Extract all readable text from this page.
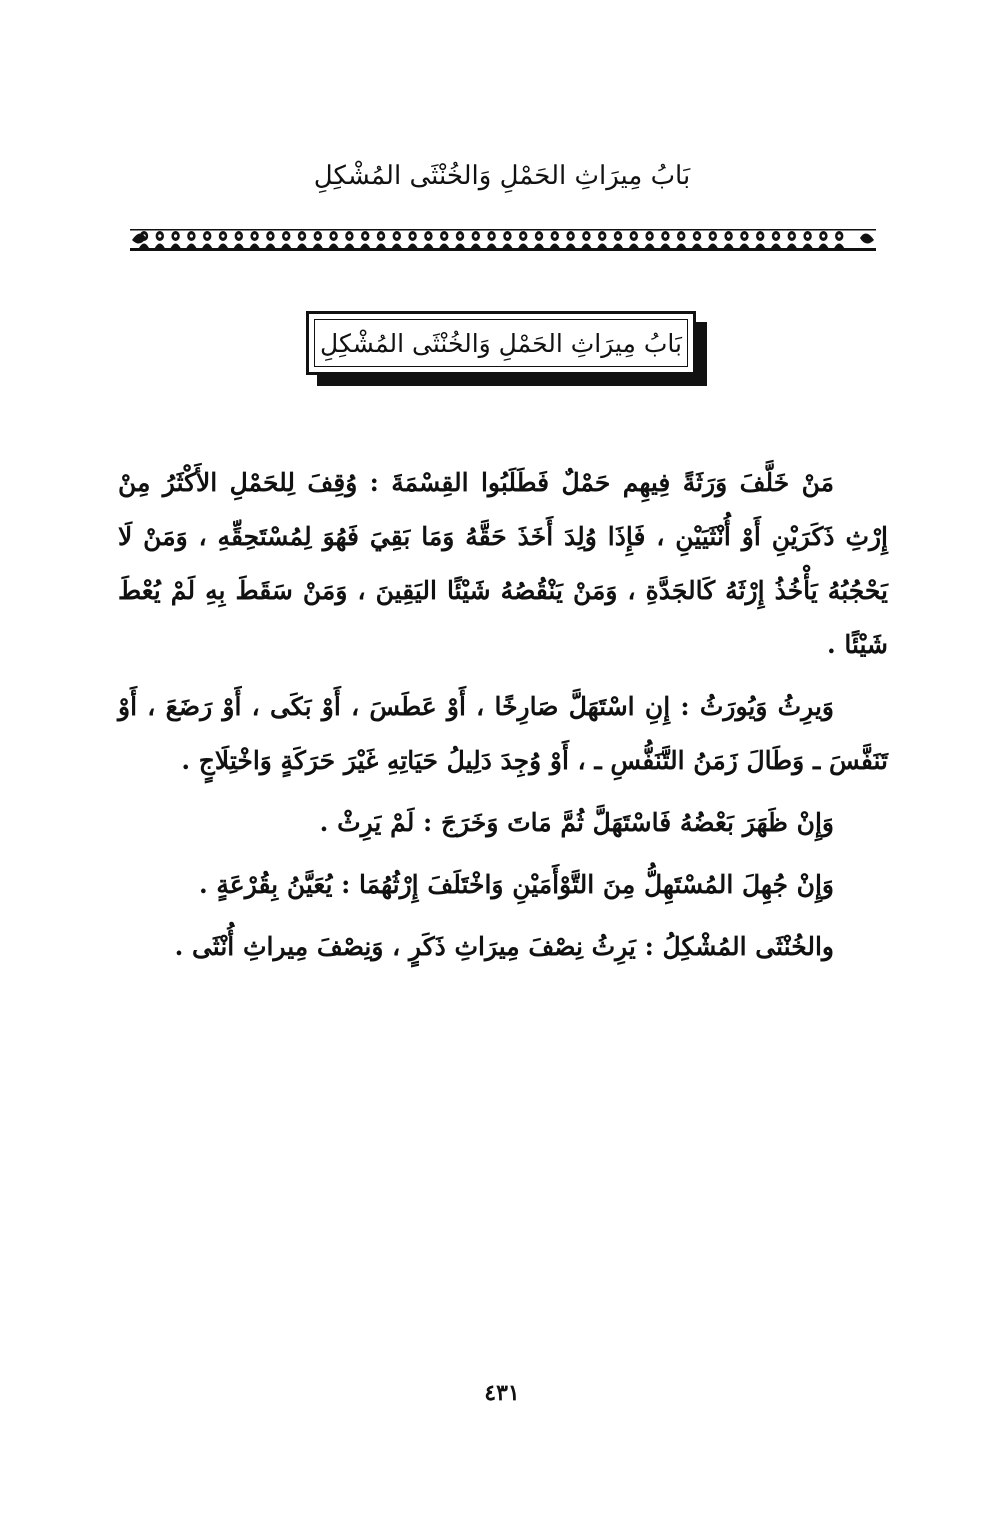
بَابُ مِيرَاثِ الحَمْلِ وَالخُنْثَى المُشْكِلِ
بَابُ مِيرَاثِ الحَمْلِ وَالخُنْثَى المُشْكِلِ

مَنْ خَلَّفَ وَرَثَةً فِيهِم حَمْلٌ فَطَلَبُوا القِسْمَةَ : وُقِفَ لِلحَمْلِ الأَكْثَرُ مِنْ إِرْثِ ذَكَرَيْنِ أَوْ أُنْثَيَيْنِ ، فَإِذَا وُلِدَ أَخَذَ حَقَّهُ وَمَا بَقِيَ فَهُوَ لِمُسْتَحِقِّهِ ، وَمَنْ لَا يَحْجُبُهُ يَأْخُذُ إِرْثَهُ كَالجَدَّةِ ، وَمَنْ يَنْقُصُهُ شَيْئًا اليَقِينَ ، وَمَنْ سَقَطَ بِهِ لَمْ يُعْطَ شَيْئًا .

وَيرِثُ وَيُورَثُ : إِنِ اسْتَهَلَّ صَارِخًا ، أَوْ عَطَسَ ، أَوْ بَكَى ، أَوْ رَضَعَ ، أَوْ تَنَفَّسَ ـ وَطَالَ زَمَنُ التَّنَفُّسِ ـ ، أَوْ وُجِدَ دَلِيلُ حَيَاتِهِ غَيْرَ حَرَكَةٍ وَاخْتِلَاجٍ .

وَإِنْ ظَهَرَ بَعْضُهُ فَاسْتَهَلَّ ثُمَّ مَاتَ وَخَرَجَ : لَمْ يَرِثْ .

وَإِنْ جُهِلَ المُسْتَهِلُّ مِنَ التَّوْأَمَيْنِ وَاخْتَلَفَ إِرْثُهُمَا : يُعَيَّنُ بِقُرْعَةٍ .

والخُنْثَى المُشْكِلُ : يَرِثُ نِصْفَ مِيرَاثِ ذَكَرٍ ، وَنِصْفَ مِيراثِ أُنْثَى .

٤٣١
